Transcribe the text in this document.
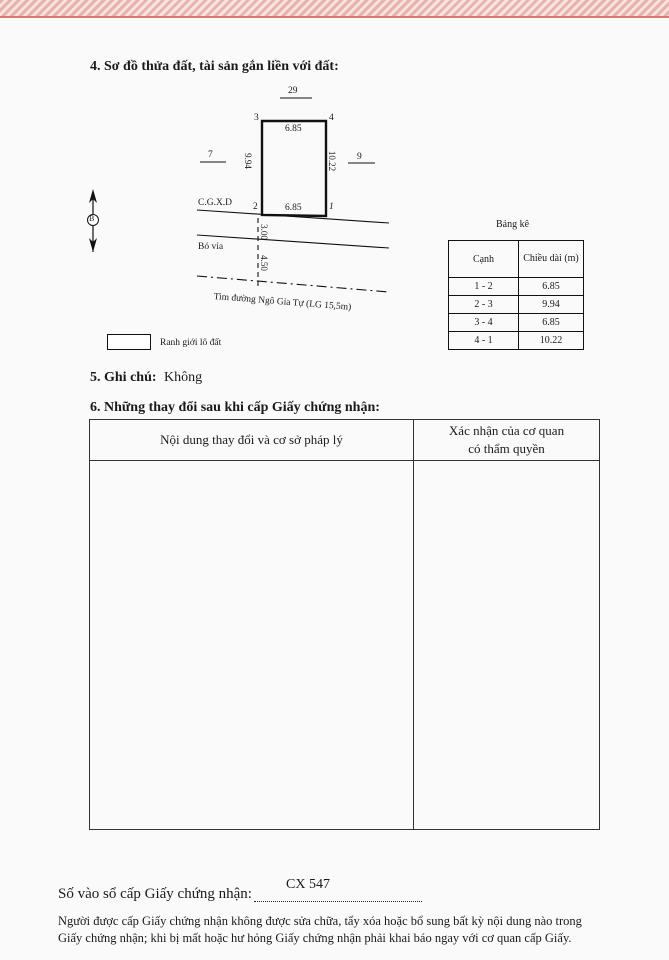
4. Sơ đồ thửa đất, tài sản gắn liền với đất:
29
7	9
3	4
2	1
6.85
6.85
9.94	10.22
C.G.X.D
Bó vỉa
3.00
4.50
Tim đường Ngô Gia Tự (LG 15,5m)
B
Ranh giới lô đất
Bảng kê
Cạnh	Chiều dài (m)
1 - 2	6.85
2 - 3	9.94
3 - 4	6.85
4 - 1	10.22
5. Ghi chú: Không
6. Những thay đổi sau khi cấp Giấy chứng nhận:
Nội dung thay đổi và cơ sở pháp lý	Xác nhận của cơ quan
có thẩm quyền

Số vào sổ cấp Giấy chứng nhận:
CX 547
Người được cấp Giấy chứng nhận không được sửa chữa, tẩy xóa hoặc bổ sung bất kỳ nội dung nào trong
Giấy chứng nhận; khi bị mất hoặc hư hỏng Giấy chứng nhận phải khai báo ngay với cơ quan cấp Giấy.
